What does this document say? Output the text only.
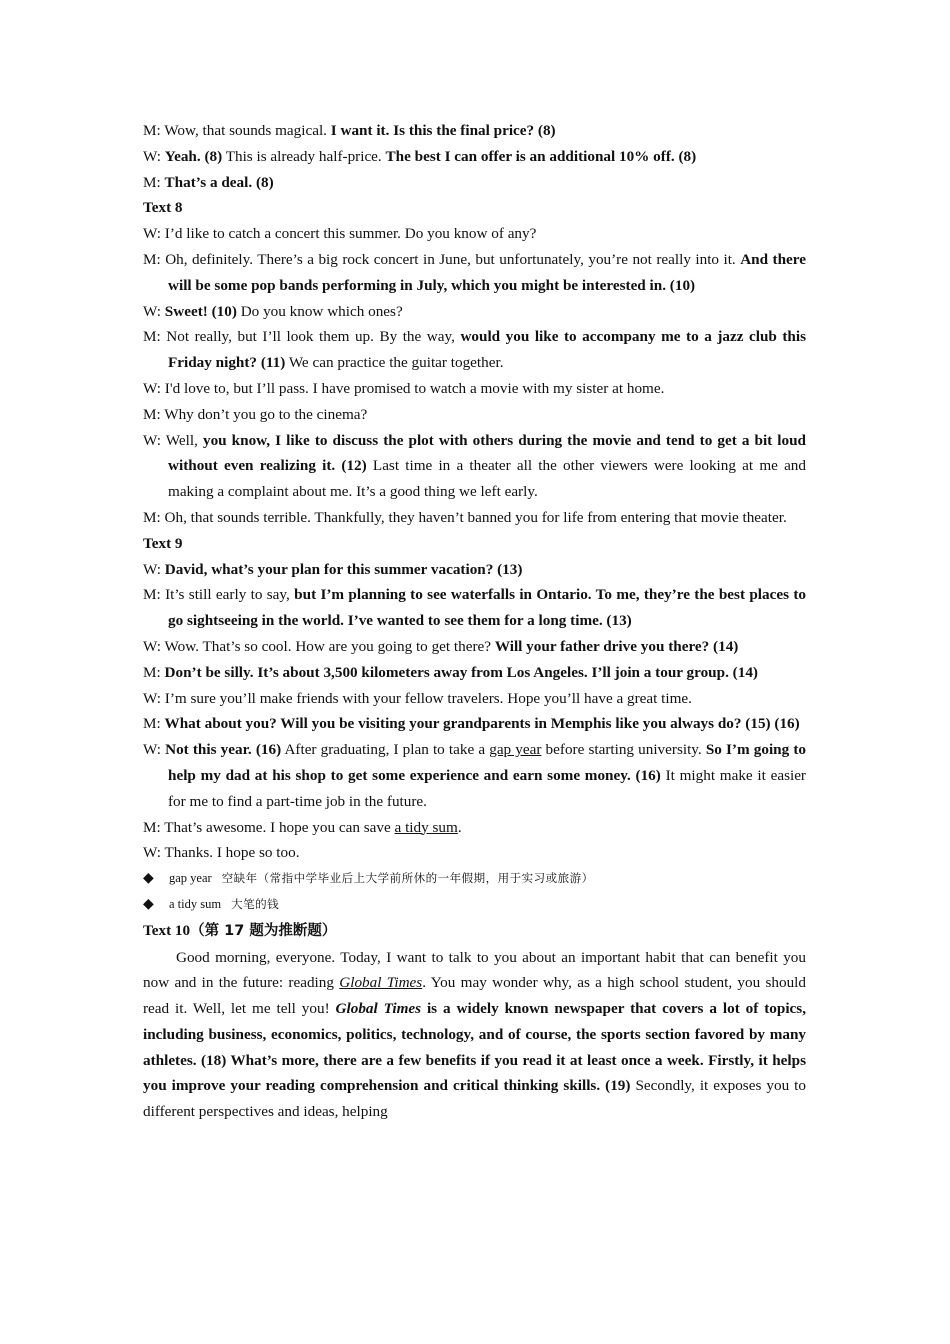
M: Wow, that sounds magical. I want it. Is this the final price? (8)

W: Yeah. (8) This is already half-price. The best I can offer is an additional 10% off. (8)

M: That’s a deal. (8)

Text 8

W: I’d like to catch a concert this summer. Do you know of any?

M: Oh, definitely. There’s a big rock concert in June, but unfortunately, you’re not really into it. And there will be some pop bands performing in July, which you might be interested in. (10)

W: Sweet! (10) Do you know which ones?

M: Not really, but I’ll look them up. By the way, would you like to accompany me to a jazz club this Friday night? (11) We can practice the guitar together.

W: I'd love to, but I’ll pass. I have promised to watch a movie with my sister at home.

M: Why don’t you go to the cinema?

W: Well, you know, I like to discuss the plot with others during the movie and tend to get a bit loud without even realizing it. (12) Last time in a theater all the other viewers were looking at me and making a complaint about me. It’s a good thing we left early.

M: Oh, that sounds terrible. Thankfully, they haven’t banned you for life from entering that movie theater.

Text 9

W: David, what’s your plan for this summer vacation? (13)

M: It’s still early to say, but I’m planning to see waterfalls in Ontario. To me, they’re the best places to go sightseeing in the world. I’ve wanted to see them for a long time. (13)

W: Wow. That’s so cool. How are you going to get there? Will your father drive you there? (14)

M: Don’t be silly. It’s about 3,500 kilometers away from Los Angeles. I’ll join a tour group. (14)

W: I’m sure you’ll make friends with your fellow travelers. Hope you’ll have a great time.

M: What about you? Will you be visiting your grandparents in Memphis like you always do? (15) (16)

W: Not this year. (16) After graduating, I plan to take a gap year before starting university. So I’m going to help my dad at his shop to get some experience and earn some money. (16) It might make it easier for me to find a part-time job in the future.

M: That’s awesome. I hope you can save a tidy sum.

W: Thanks. I hope so too.

◆	gap year 空缺年（常指中学毕业后上大学前所休的一年假期，用于实习或旅游）

◆	a tidy sum 大笔的钱

Text 10（第 17 题为推断题）

Good morning, everyone. Today, I want to talk to you about an important habit that can benefit you now and in the future: reading Global Times. You may wonder why, as a high school student, you should read it. Well, let me tell you! Global Times is a widely known newspaper that covers a lot of topics, including business, economics, politics, technology, and of course, the sports section favored by many athletes. (18) What’s more, there are a few benefits if you read it at least once a week. Firstly, it helps you improve your reading comprehension and critical thinking skills. (19) Secondly, it exposes you to different perspectives and ideas, helping
